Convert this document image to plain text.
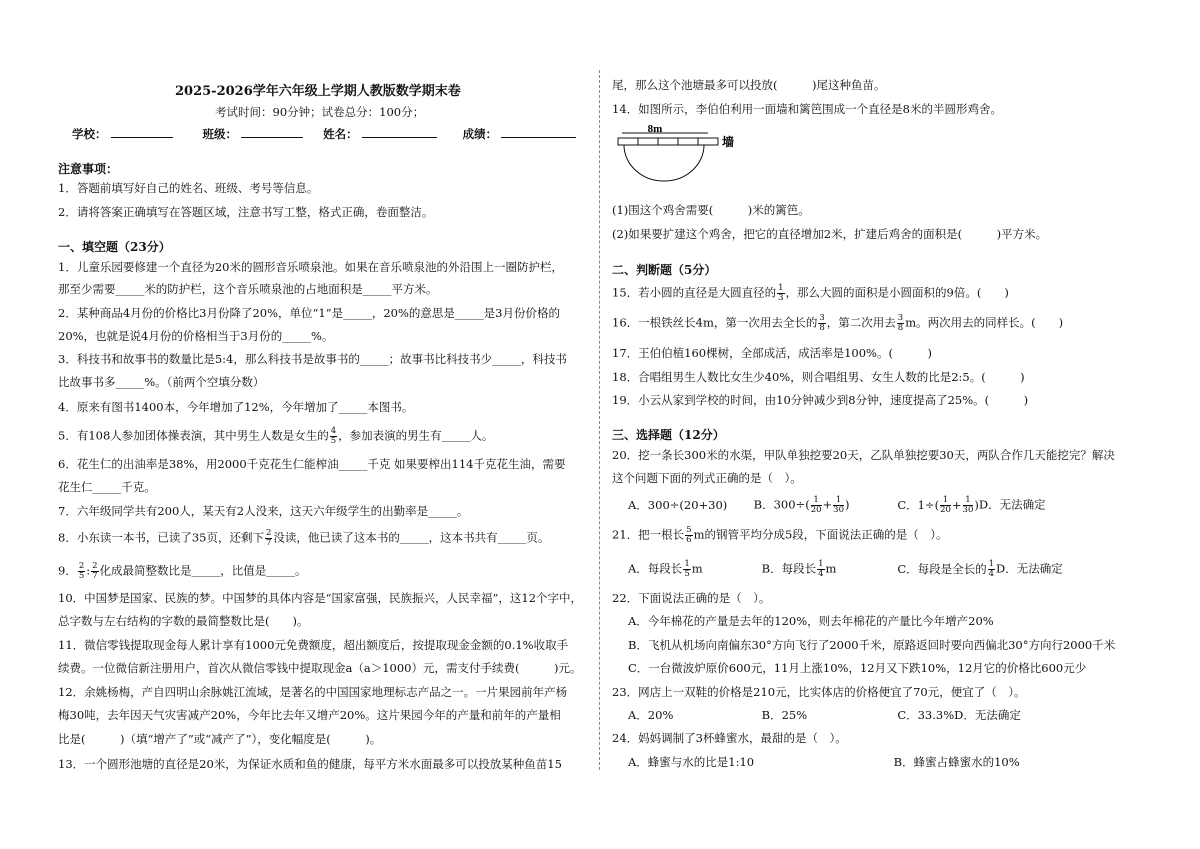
2025-2026学年六年级上学期人教版数学期末卷
考试时间：90分钟；试卷总分：100分；
学校：	班级：	姓名：	成绩：
注意事项：
1．答题前填写好自己的姓名、班级、考号等信息。
2．请将答案正确填写在答题区域，注意书写工整，格式正确，卷面整洁。
一、填空题（23分）
1．儿童乐园要修建一个直径为20米的圆形音乐喷泉池。如果在音乐喷泉池的外沿围上一圈防护栏，
那至少需要_____米的防护栏，这个音乐喷泉池的占地面积是_____平方米。
2．某种商品4月份的价格比3月份降了20%，单位“1”是_____，20%的意思是_____是3月份价格的
20%，也就是说4月份的价格相当于3月份的_____%。
3．科技书和故事书的数量比是5:4，那么科技书是故事书的_____；故事书比科技书少_____，科技书
比故事书多_____%。（前两个空填分数）
4．原来有图书1400本，今年增加了12%，今年增加了_____本图书。
5．有108人参加团体操表演，其中男生人数是女生的 $\frac{4}{5}$ ，参加表演的男生有_____人。
6．花生仁的出油率是38%，用2000千克花生仁能榨油_____千克 如果要榨出114千克花生油，需要
花生仁_____千克。
7．六年级同学共有200人，某天有2人没来，这天六年级学生的出勤率是_____。
8．小东读一本书，已读了35页，还剩下 $\frac{2}{7}$ 没读，他已读了这本书的_____，这本书共有_____页。
9． $\frac{2}{5}$ : $\frac{2}{7}$ 化成最简整数比是_____，比值是_____。
10．中国梦是国家、民族的梦。中国梦的具体内容是“国家富强，民族振兴，人民幸福”，这12个字中，
总字数与左右结构的字数的最简整数比是(　　)。
11．微信零钱提取现金每人累计享有1000元免费额度，超出额度后，按提取现金金额的0.1%收取手
续费。一位微信新注册用户，首次从微信零钱中提取现金a（a＞1000）元，需支付手续费(　　　)元。
12．余姚杨梅，产自四明山余脉姚江流域，是著名的中国国家地理标志产品之一。一片果园前年产杨
梅30吨，去年因天气灾害减产20%，今年比去年又增产20%。这片果园今年的产量和前年的产量相
比是(　　　)（填“增产了”或“减产了”），变化幅度是(　　　)。
13．一个圆形池塘的直径是20米，为保证水质和鱼的健康，每平方米水面最多可以投放某种鱼苗15
尾，那么这个池塘最多可以投放(　　　)尾这种鱼苗。
14．如图所示，李伯伯利用一面墙和篱笆围成一个直径是8米的半圆形鸡舍。
8m
墙
(1)围这个鸡舍需要(　　　)米的篱笆。
(2)如果要扩建这个鸡舍，把它的直径增加2米，扩建后鸡舍的面积是(　　　)平方米。
二、判断题（5分）
15．若小圆的直径是大圆直径的 $\frac{1}{3}$ ，那么大圆的面积是小圆面积的9倍。(　　)
16．一根铁丝长4m，第一次用去全长的 $\frac{3}{8}$ ，第二次用去 $\frac{3}{8}$ m。两次用去的同样长。(　　)
17．王伯伯植160棵树，全部成活，成活率是100%。(　　　)
18．合唱组男生人数比女生少40%，则合唱组男、女生人数的比是2:5。(　　　)
19．小云从家到学校的时间，由10分钟减少到8分钟，速度提高了25%。(　　　)
三、选择题（12分）
20．挖一条长300米的水渠，甲队单独挖要20天，乙队单独挖要30天，两队合作几天能挖完？解决
这个问题下面的列式正确的是（　）。
A．300÷(20+30) B．$300\div( \frac{1}{20} + \frac{1}{30}$ )	C．$1\div( \frac{1}{20} + \frac{1}{30} )D$．无法确定
21．把一根长 $\frac{5}{6}$ m的钢管平均分成5段，下面说法正确的是（　）。
A．每段长 $\frac{1}{5}$ m	B．每段长 $\frac{1}{4}$ m	C．每段是全长的 $\frac{1}{4}$ D．无法确定
22．下面说法正确的是（　）。
A．今年棉花的产量是去年的120%，则去年棉花的产量比今年增产20%
B．飞机从机场向南偏东30°方向飞行了2000千米，原路返回时要向西偏北30°方向行2000千米
C．一台微波炉原价600元，11月上涨10%，12月又下跌10%，12月它的价格比600元少
23．网店上一双鞋的价格是210元，比实体店的价格便宜了70元，便宜了（　）。
A．20%	B．25%	C．33.3%D．无法确定
24．妈妈调制了3杯蜂蜜水，最甜的是（　）。
A．蜂蜜与水的比是1:10	B．蜂蜜占蜂蜜水的10%
